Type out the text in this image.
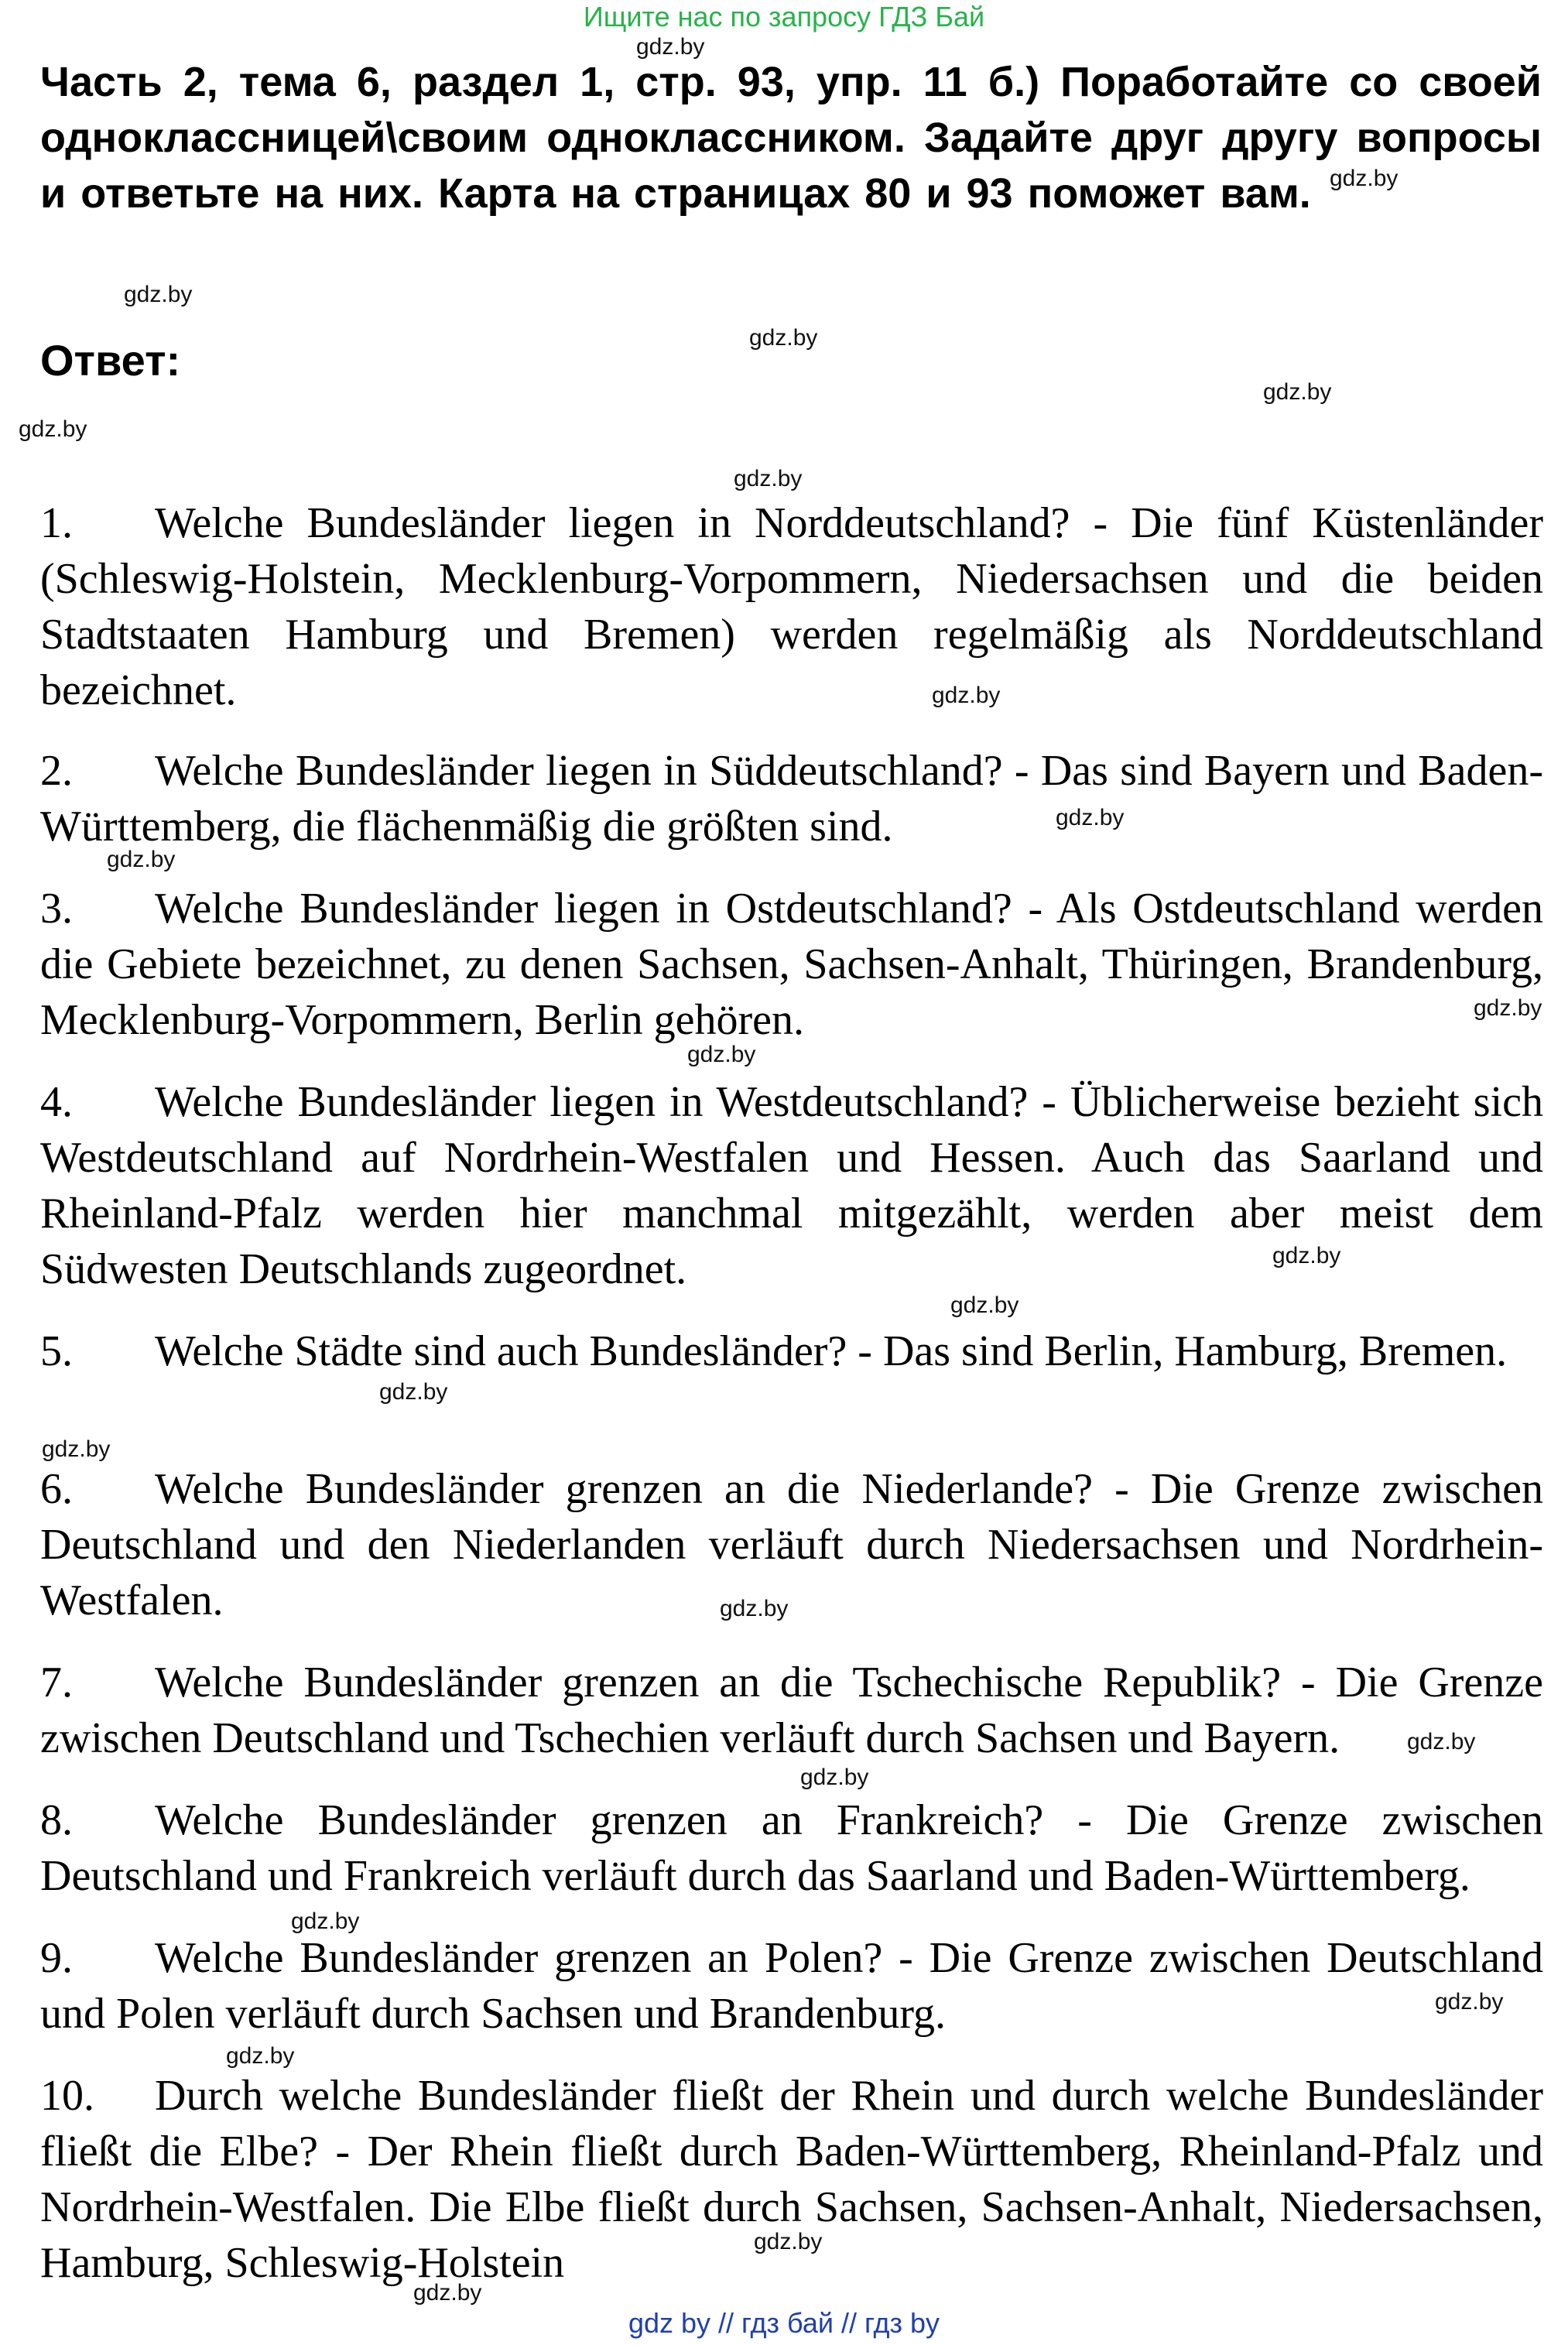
Ищите нас по запросу ГДЗ Бай
Часть 2, тема 6, раздел 1, стр. 93, упр. 11 б.) Поработайте со своей одноклассницей\своим одноклассником. Задайте друг другу вопросы и ответьте на них. Карта на страницах 80 и 93 поможет вам.
Ответ:
1. Welche Bundesländer liegen in Norddeutschland? - Die fünf Küstenländer (Schleswig-Holstein, Mecklenburg-Vorpommern, Niedersachsen und die beiden Stadtstaaten Hamburg und Bremen) werden regelmäßig als Norddeutschland bezeichnet.
2. Welche Bundesländer liegen in Süddeutschland? - Das sind Bayern und Baden-Württemberg, die flächenmäßig die größten sind.
3. Welche Bundesländer liegen in Ostdeutschland? - Als Ostdeutschland werden die Gebiete bezeichnet, zu denen Sachsen, Sachsen-Anhalt, Thüringen, Brandenburg, Mecklenburg-Vorpommern, Berlin gehören.
4. Welche Bundesländer liegen in Westdeutschland? - Üblicherweise bezieht sich Westdeutschland auf Nordrhein-Westfalen und Hessen. Auch das Saarland und Rheinland-Pfalz werden hier manchmal mitgezählt, werden aber meist dem Südwesten Deutschlands zugeordnet.
5. Welche Städte sind auch Bundesländer? - Das sind Berlin, Hamburg, Bremen.
6. Welche Bundesländer grenzen an die Niederlande? - Die Grenze zwischen Deutschland und den Niederlanden verläuft durch Niedersachsen und Nordrhein-Westfalen.
7. Welche Bundesländer grenzen an die Tschechische Republik? - Die Grenze zwischen Deutschland und Tschechien verläuft durch Sachsen und Bayern.
8. Welche Bundesländer grenzen an Frankreich? - Die Grenze zwischen Deutschland und Frankreich verläuft durch das Saarland und Baden-Württemberg.
9. Welche Bundesländer grenzen an Polen? - Die Grenze zwischen Deutschland und Polen verläuft durch Sachsen und Brandenburg.
10. Durch welche Bundesländer fließt der Rhein und durch welche Bundesländer fließt die Elbe? - Der Rhein fließt durch Baden-Württemberg, Rheinland-Pfalz und Nordrhein-Westfalen. Die Elbe fließt durch Sachsen, Sachsen-Anhalt, Niedersachsen, Hamburg, Schleswig-Holstein
gdz.by
gdz.by
gdz.by
gdz.by
gdz.by
gdz.by
gdz.by
gdz.by
gdz.by
gdz.by
gdz.by
gdz.by
gdz.by
gdz.by
gdz.by
gdz.by
gdz.by
gdz.by
gdz.by
gdz.by
gdz.by
gdz.by
gdz.by
gdz.by
gdz by // гдз бай // гдз by
